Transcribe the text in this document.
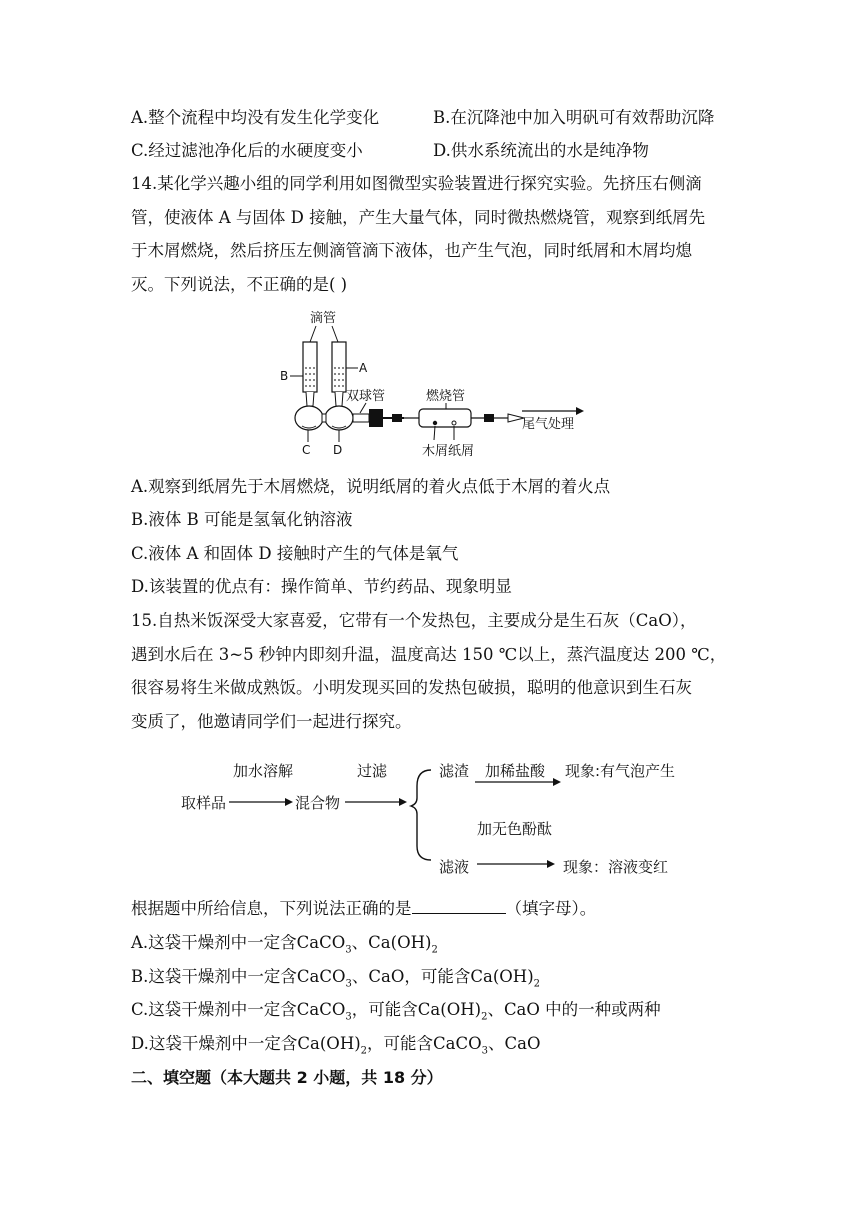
A.整个流程中均没有发生化学变化	B.在沉降池中加入明矾可有效帮助沉降
C.经过滤池净化后的水硬度变小	D.供水系统流出的水是纯净物
14.某化学兴趣小组的同学利用如图微型实验装置进行探究实验。先挤压右侧滴
管，使液体 A 与固体 D 接触，产生大量气体，同时微热燃烧管，观察到纸屑先
于木屑燃烧，然后挤压左侧滴管滴下液体，也产生气泡，同时纸屑和木屑均熄
灭。下列说法，不正确的是( )
滴管
B
A
双球管
C D
燃烧管
尾气处理
木屑纸屑
A.观察到纸屑先于木屑燃烧，说明纸屑的着火点低于木屑的着火点
B.液体 B 可能是氢氧化钠溶液
C.液体 A 和固体 D 接触时产生的气体是氧气
D.该装置的优点有：操作简单、节约药品、现象明显
15.自热米饭深受大家喜爱，它带有一个发热包，主要成分是生石灰（CaO），
遇到水后在 3~5 秒钟内即刻升温，温度高达 150 ℃以上，蒸汽温度达 200 ℃，
很容易将生米做成熟饭。小明发现买回的发热包破损，聪明的他意识到生石灰
变质了，他邀请同学们一起进行探究。
加水溶解
取样品	混合物
过滤	滤渣 加稀盐酸 现象:有气泡产生
加无色酚酞
滤液	现象：溶液变红
根据题中所给信息，下列说法正确的是	（填字母）。
A.这袋干燥剂中一定含CaCO$_3$、$Ca(OH)_2$
B.这袋干燥剂中一定含CaCO$_3$、CaO，可能含$Ca(OH)_2$
C.这袋干燥剂中一定含CaCO$_3$，可能含$Ca(OH)_2$、CaO 中的一种或两种
D.这袋干燥剂中一定含$Ca(OH)_2$，可能含CaCO$_3$、CaO
二、填空题（本大题共 2 小题，共 18 分）
